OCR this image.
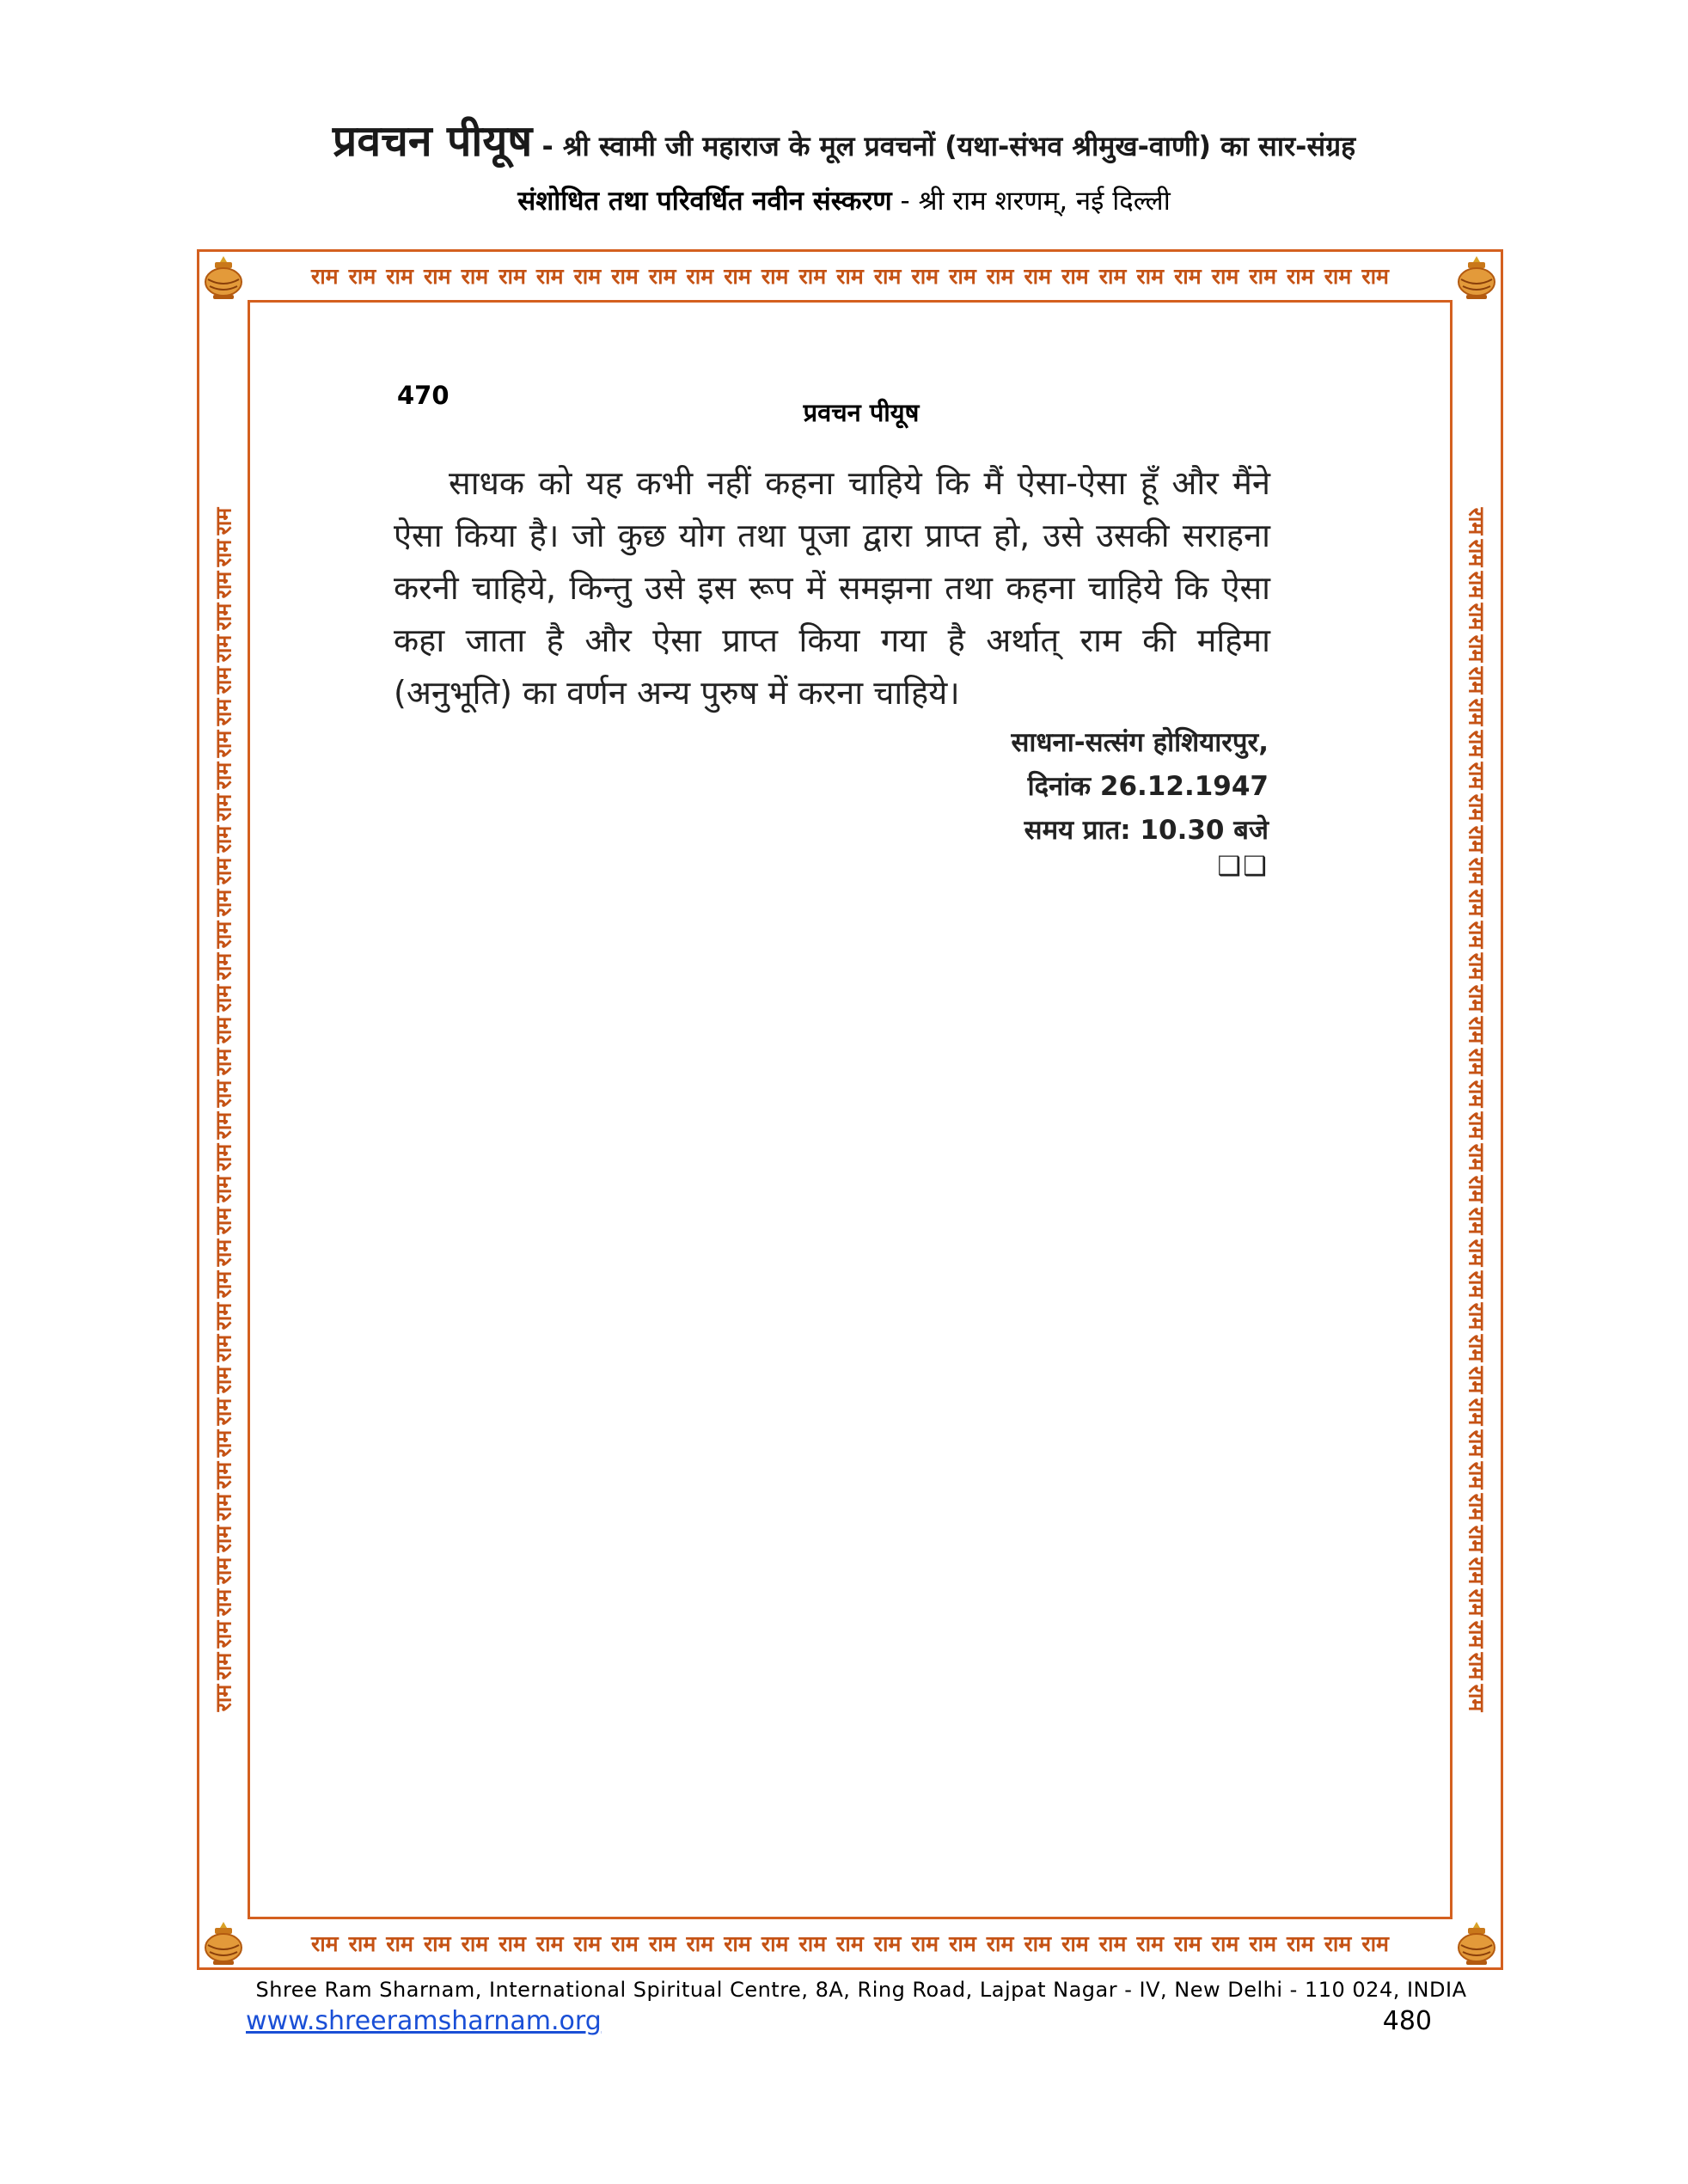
प्रवचन पीयूष - श्री स्वामी जी महाराज के मूल प्रवचनों (यथा-संभव श्रीमुख-वाणी) का सार-संग्रह
संशोधित तथा परिवर्धित नवीन संस्करण - श्री राम शरणम्, नई दिल्ली
राम राम राम राम राम राम राम राम राम राम राम राम राम राम राम राम राम राम राम राम राम राम राम राम राम राम राम राम राम
राम राम राम राम राम राम राम राम राम राम राम राम राम राम राम राम राम राम राम राम राम राम राम राम राम राम राम राम राम
राम
राम
राम
राम
राम
राम
राम
राम
राम
राम
राम
राम
राम
राम
राम
राम
राम
राम
राम
राम
राम
राम
राम
राम
राम
राम
राम
राम
राम
राम
राम
राम
राम
राम
राम
राम
राम
राम
राम
राम
राम
राम
राम
राम
राम
राम
राम
राम
राम
राम
राम
राम
राम
राम
राम
राम
राम
राम
राम
राम
राम
राम
राम
राम
राम
राम
राम
राम
राम
राम
राम
राम
राम
राम
राम
राम
470
प्रवचन पीयूष

साधक को यह कभी नहीं कहना चाहिये कि मैं ऐसा-ऐसा हूँ और मैंने ऐसा किया है। जो कुछ योग तथा पूजा द्वारा प्राप्त हो, उसे उसकी सराहना करनी चाहिये, किन्तु उसे इस रूप में समझना तथा कहना चाहिये कि ऐसा कहा जाता है और ऐसा प्राप्त किया गया है अर्थात् राम की महिमा (अनुभूति) का वर्णन अन्य पुरुष में करना चाहिये।

साधना-सत्संग होशियारपुर,
दिनांक 26.12.1947
समय प्रात: 10.30 बजे
❑❑
Shree Ram Sharnam, International Spiritual Centre, 8A, Ring Road, Lajpat Nagar - IV, New Delhi - 110 024, INDIA
www.shreeramsharnam.org	480
